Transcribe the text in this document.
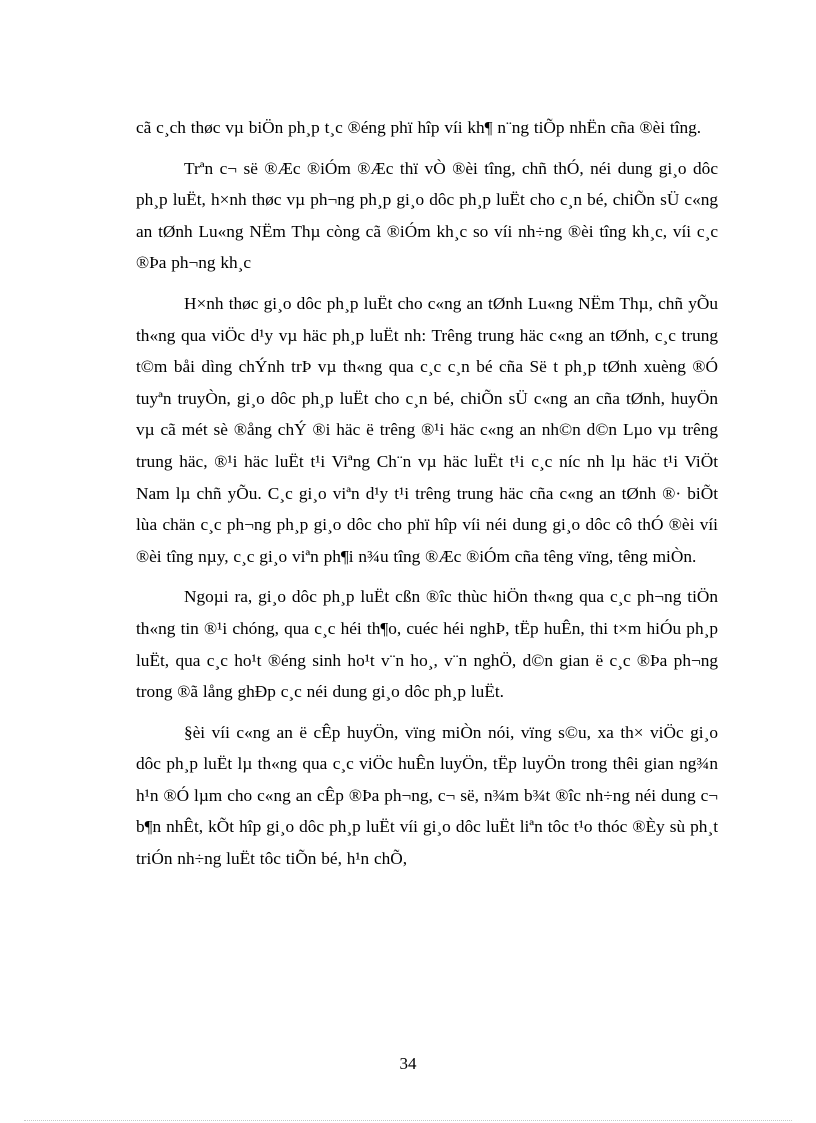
cã c¸ch thøc vµ biÖn ph¸p t¸c ®éng phï hîp víi kh¶ n¨ng tiÕp nhËn cña ®èi tîng.

Trªn c¬ së ®Æc ®iÓm ®Æc thï vÒ ®èi tîng, chñ thÓ, néi dung gi¸o dôc ph¸p luËt, h×nh thøc vµ ph¬ng ph¸p gi¸o dôc ph¸p luËt cho c¸n bé, chiÕn sÜ c«ng an tØnh Lu«ng NËm Thµ còng cã ®iÓm kh¸c so víi nh÷ng ®èi tîng kh¸c, víi c¸c ®Þa ph¬ng kh¸c

H×nh thøc gi¸o dôc ph¸p luËt cho c«ng an tØnh Lu«ng NËm Thµ, chñ yÕu th«ng qua viÖc d¹y vµ häc ph¸p luËt nh: Trêng trung häc c«ng an tØnh, c¸c trung t©m båi dìng chÝnh trÞ vµ th«ng qua c¸c c¸n bé cña Së t ph¸p tØnh xuèng ®Ó tuyªn truyÒn, gi¸o dôc ph¸p luËt cho c¸n bé, chiÕn sÜ c«ng an cña tØnh, huyÖn vµ cã mét sè ®ång chÝ ®i häc ë trêng ®¹i häc c«ng an nh©n d©n Lµo vµ trêng trung häc, ®¹i häc luËt t¹i Viªng Ch¨n vµ häc luËt t¹i c¸c níc nh lµ häc t¹i ViÖt Nam lµ chñ yÕu. C¸c gi¸o viªn d¹y t¹i trêng trung häc cña c«ng an tØnh ®· biÕt lùa chän c¸c ph¬ng ph¸p gi¸o dôc cho phï hîp víi néi dung gi¸o dôc cô thÓ ®èi víi ®èi tîng nµy, c¸c gi¸o viªn ph¶i n¾u tîng ®Æc ®iÓm cña têng vïng, têng miÒn.

Ngoµi ra, gi¸o dôc ph¸p luËt cßn ®îc thùc hiÖn th«ng qua c¸c ph¬ng tiÖn th«ng tin ®¹i chóng, qua c¸c héi th¶o, cuéc héi nghÞ, tËp huÊn, thi t×m hiÓu ph¸p luËt, qua c¸c ho¹t ®éng sinh ho¹t v¨n ho¸, v¨n nghÖ, d©n gian ë c¸c ®Þa ph¬ng trong ®ã lång ghÐp c¸c néi dung gi¸o dôc ph¸p luËt.

§èi víi c«ng an ë cÊp huyÖn, vïng miÒn nói, vïng s©u, xa th× viÖc gi¸o dôc ph¸p luËt lµ th«ng qua c¸c viÖc huÊn luyÖn, tËp luyÖn trong thêi gian ng¾n h¹n ®Ó lµm cho c«ng an cÊp ®Þa ph¬ng, c¬ së, n¾m b¾t ®îc nh÷ng néi dung c¬ b¶n nhÊt, kÕt hîp gi¸o dôc ph¸p luËt víi gi¸o dôc luËt liªn tôc t¹o thóc ®Èy sù ph¸t triÓn nh÷ng luËt tôc tiÕn bé, h¹n chÕ,

34
